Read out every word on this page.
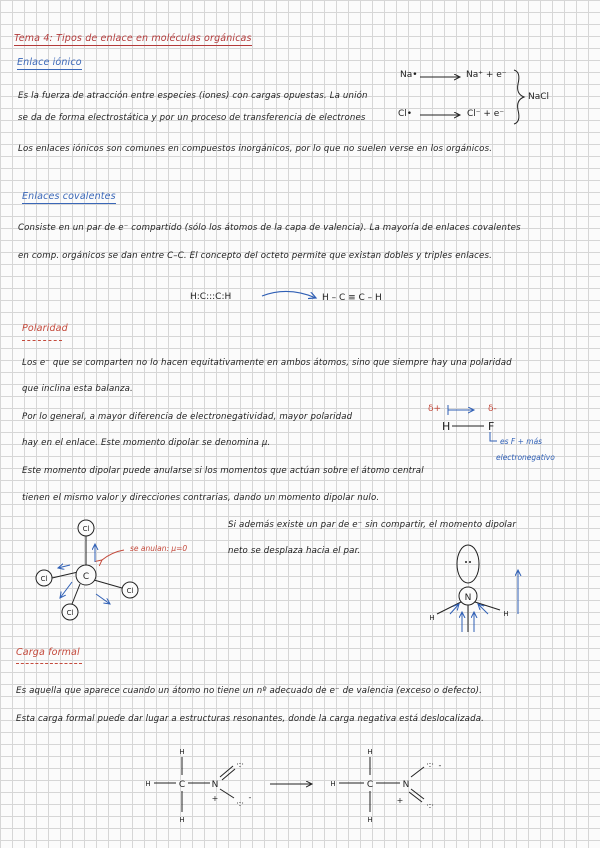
Tema 4: Tipos de enlace en moléculas orgánicas
Enlace iónico
Es la fuerza de atracción entre especies (iones) con cargas opuestas. La unión
se da de forma electrostática y por un proceso de transferencia de electrones
Los enlaces iónicos son comunes en compuestos inorgánicos, por lo que no suelen verse en los orgánicos.
Na•	Na⁺ + e⁻
Cl•	Cl⁻ + e⁻
NaCl
Enlaces covalentes
Consiste en un par de e⁻ compartido (sólo los átomos de la capa de valencia). La mayoría de enlaces covalentes
en comp. orgánicos se dan entre C–C. El concepto del octeto permite que existan dobles y triples enlaces.
H:C:::C:H	H – C ≡ C – H
Polaridad
Los e⁻ que se comparten no lo hacen equitativamente en ambos átomos, sino que siempre hay una polaridad
que inclina esta balanza.
Por lo general, a mayor diferencia de electronegatividad, mayor polaridad
hay en el enlace. Este momento dipolar se denomina μ.
Este momento dipolar puede anularse si los momentos que actúan sobre el átomo central
tienen el mismo valor y direcciones contrarias, dando un momento dipolar nulo.
Si además existe un par de e⁻ sin compartir, el momento dipolar
neto se desplaza hacia el par.
δ+	δ-
H	F
es F + más
electronegativo
se anulan: μ=0
Carga formal
Es aquella que aparece cuando un átomo no tiene un nº adecuado de e⁻ de valencia (exceso o defecto).
Esta carga formal puede dar lugar a estructuras resonantes, donde la carga negativa está deslocalizada.
C
Cl
Cl
Cl
Cl
N
H	H
H
H	C
H
N
+
·:·
·:·
-
H
H	C
H
N
+
·:· -
·:·
